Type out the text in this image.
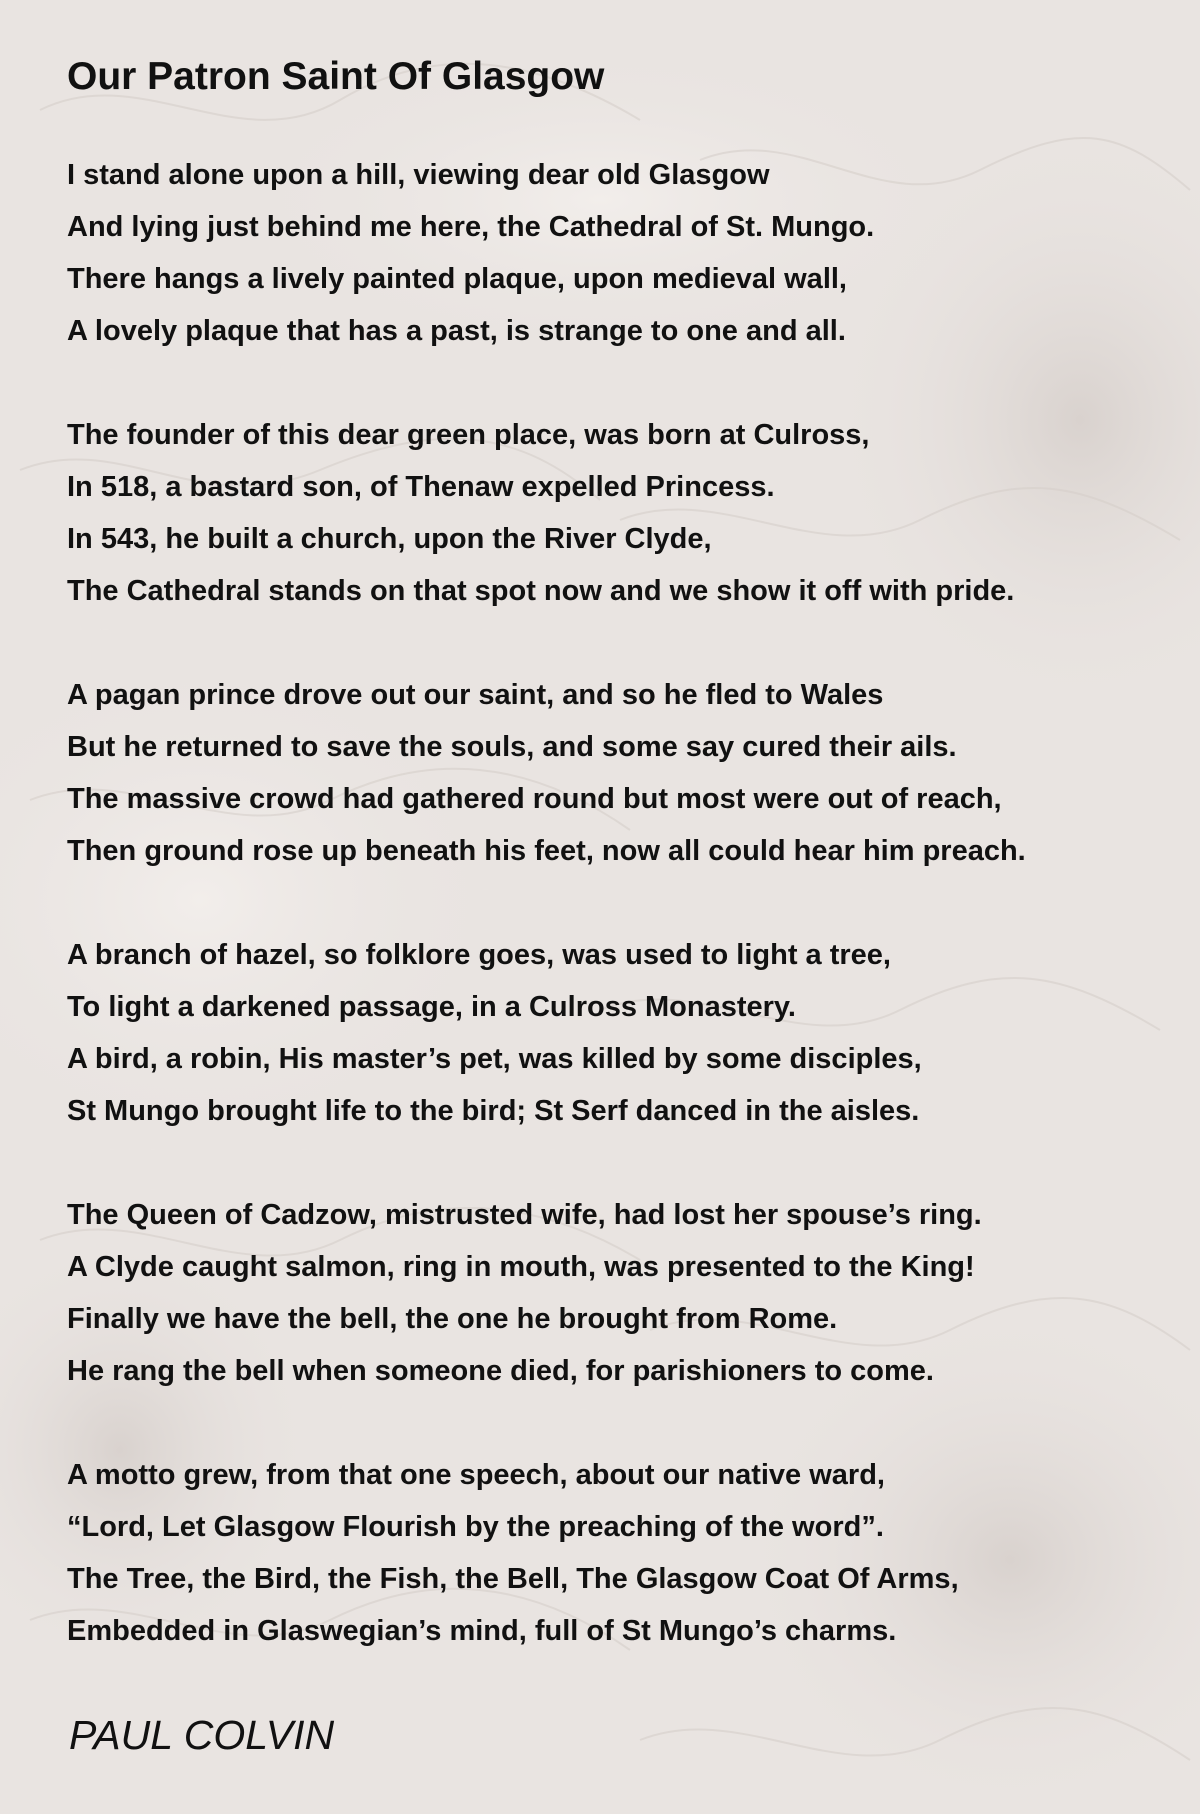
Our Patron Saint Of Glasgow
I stand alone upon a hill, viewing dear old Glasgow
And lying just behind me here, the Cathedral of St. Mungo.
There hangs a lively painted plaque, upon medieval wall,
A lovely plaque that has a past, is strange to one and all.
The founder of this dear green place, was born at Culross,
In 518, a bastard son, of Thenaw expelled Princess.
In 543, he built a church, upon the River Clyde,
The Cathedral stands on that spot now and we show it off with pride.
A pagan prince drove out our saint, and so he fled to Wales
But he returned to save the souls, and some say cured their ails.
The massive crowd had gathered round but most were out of reach,
Then ground rose up beneath his feet, now all could hear him preach.
A branch of hazel, so folklore goes, was used to light a tree,
To light a darkened passage, in a Culross Monastery.
A bird, a robin, His master’s pet, was killed by some disciples,
St Mungo brought life to the bird; St Serf danced in the aisles.
The Queen of Cadzow, mistrusted wife, had lost her spouse’s ring.
A Clyde caught salmon, ring in mouth, was presented to the King!
Finally we have the bell, the one he brought from Rome.
He rang the bell when someone died, for parishioners to come.
A motto grew, from that one speech, about our native ward,
“Lord, Let Glasgow Flourish by the preaching of the word”.
The Tree, the Bird, the Fish, the Bell, The Glasgow Coat Of Arms,
Embedded in Glaswegian’s mind, full of St Mungo’s charms.
PAUL COLVIN
